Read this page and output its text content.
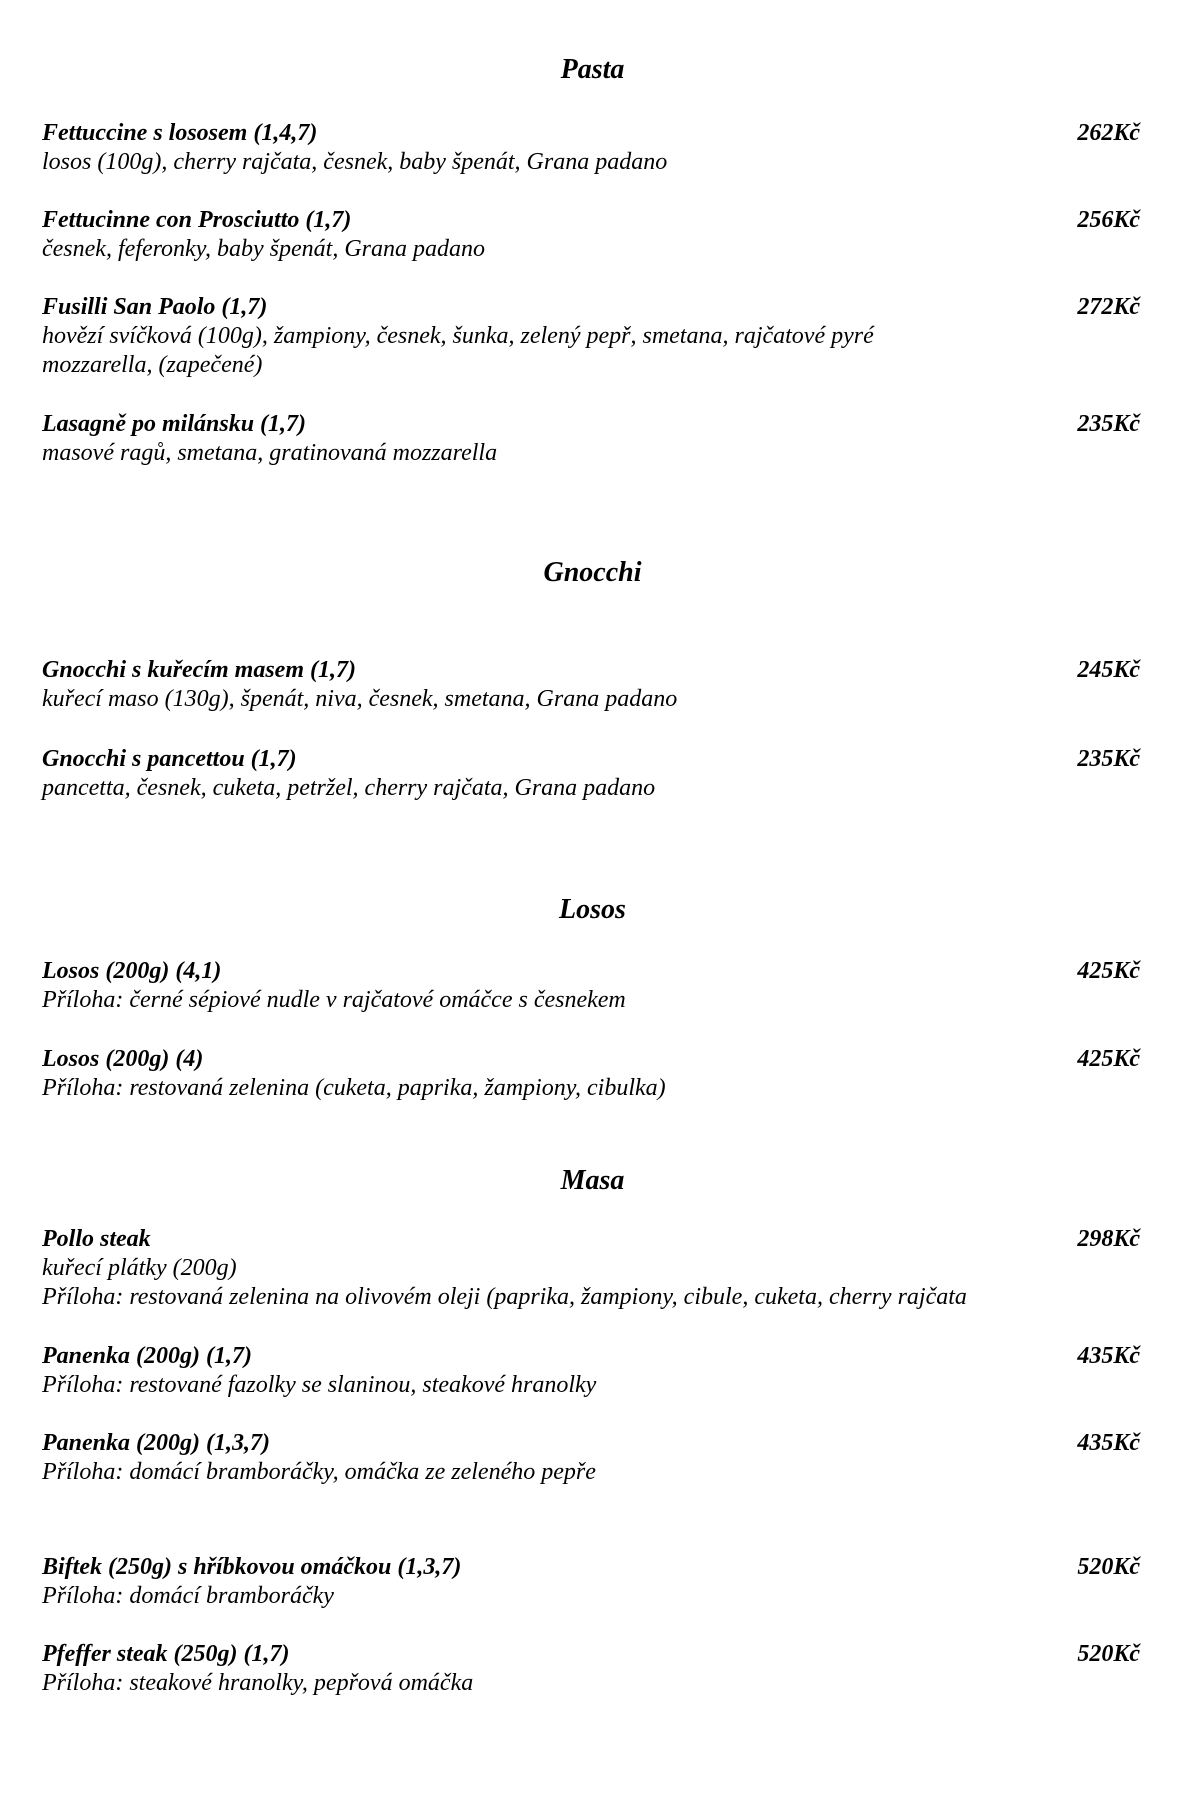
Pasta
Fettuccine s lososem (1,4,7)
losos (100g), cherry rajčata, česnek, baby špenát, Grana padano
262Kč
Fettucinne con Prosciutto (1,7)
česnek, feferonky, baby špenát, Grana padano
256Kč
Fusilli San Paolo (1,7)
hovězí svíčková (100g), žampiony, česnek, šunka, zelený pepř, smetana, rajčatové pyré
mozzarella, (zapečené)
272Kč
Lasagně po milánsku (1,7)
masové ragů, smetana, gratinovaná mozzarella
235Kč
Gnocchi
Gnocchi s kuřecím masem (1,7)
kuřecí maso (130g), špenát, niva, česnek, smetana, Grana padano
245Kč
Gnocchi s pancettou (1,7)
pancetta, česnek, cuketa, petržel, cherry rajčata, Grana padano
235Kč
Losos
Losos (200g) (4,1)
Příloha: černé sépiové nudle v rajčatové omáčce s česnekem
425Kč
Losos (200g) (4)
Příloha: restovaná zelenina (cuketa, paprika, žampiony, cibulka)
425Kč
Masa
Pollo steak
kuřecí plátky (200g)
Příloha: restovaná zelenina na olivovém oleji (paprika, žampiony, cibule, cuketa, cherry rajčata
298Kč
Panenka (200g) (1,7)
Příloha: restované fazolky se slaninou, steakové hranolky
435Kč
Panenka (200g) (1,3,7)
Příloha: domácí bramboráčky, omáčka ze zeleného pepře
435Kč
Biftek (250g) s hříbkovou omáčkou (1,3,7)
Příloha: domácí bramboráčky
520Kč
Pfeffer steak (250g) (1,7)
Příloha: steakové hranolky, pepřová omáčka
520Kč
